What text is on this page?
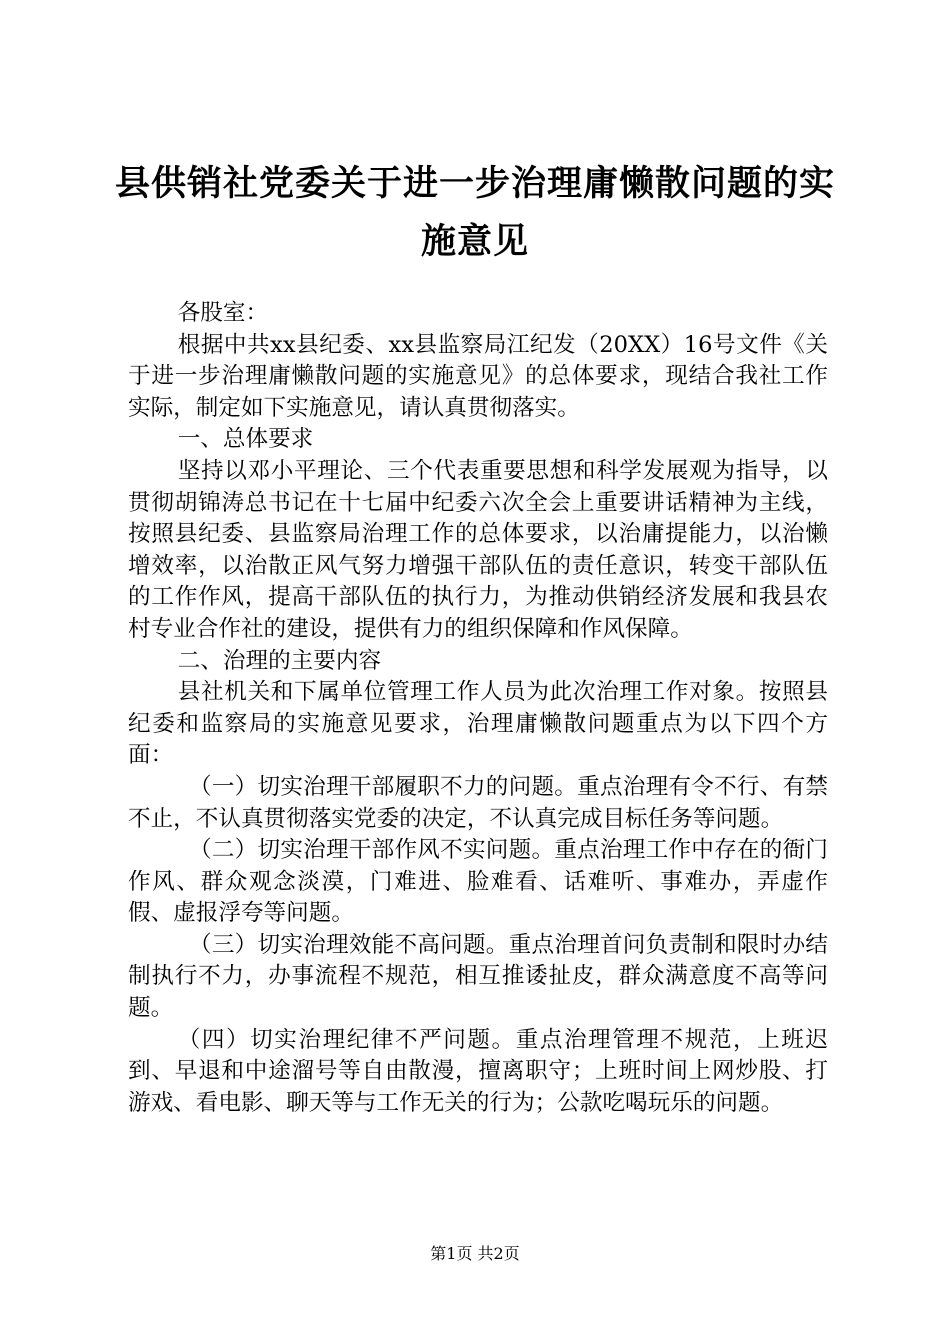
县供销社党委关于进一步治理庸懒散问题的实
施意见

各股室：

根据中共xx县纪委、xx县监察局江纪发（20XX）16号文件《关于进一步治理庸懒散问题的实施意见》的总体要求，现结合我社工作实际，制定如下实施意见，请认真贯彻落实。

一、总体要求

坚持以邓小平理论、三个代表重要思想和科学发展观为指导，以贯彻胡锦涛总书记在十七届中纪委六次全会上重要讲话精神为主线，按照县纪委、县监察局治理工作的总体要求，以治庸提能力，以治懒增效率，以治散正风气努力增强干部队伍的责任意识，转变干部队伍的工作作风，提高干部队伍的执行力，为推动供销经济发展和我县农村专业合作社的建设，提供有力的组织保障和作风保障。

二、治理的主要内容

县社机关和下属单位管理工作人员为此次治理工作对象。按照县纪委和监察局的实施意见要求，治理庸懒散问题重点为以下四个方面：

（一）切实治理干部履职不力的问题。重点治理有令不行、有禁不止，不认真贯彻落实党委的决定，不认真完成目标任务等问题。

（二）切实治理干部作风不实问题。重点治理工作中存在的衙门作风、群众观念淡漠，门难进、脸难看、话难听、事难办，弄虚作假、虚报浮夸等问题。

（三）切实治理效能不高问题。重点治理首问负责制和限时办结制执行不力，办事流程不规范，相互推诿扯皮，群众满意度不高等问题。

（四）切实治理纪律不严问题。重点治理管理不规范，上班迟到、早退和中途溜号等自由散漫，擅离职守；上班时间上网炒股、打游戏、看电影、聊天等与工作无关的行为；公款吃喝玩乐的问题。

第1页 共2页
